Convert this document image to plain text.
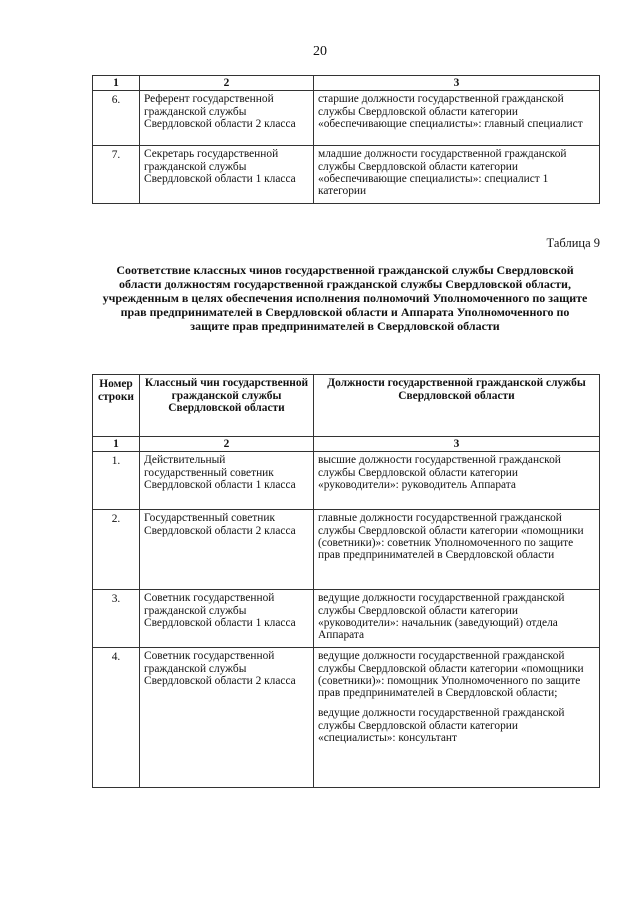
20
1	2	3
6.	Референт государственной гражданской службы Свердловской области 2 класса	старшие должности государственной гражданской службы Свердловской области категории «обеспечивающие специалисты»: главный специалист
7.	Секретарь государственной гражданской службы Свердловской области 1 класса	младшие должности государственной гражданской службы Свердловской области категории «обеспечивающие специалисты»: специалист 1 категории
Таблица 9
Соответствие классных чинов государственной гражданской службы Свердловской области должностям государственной гражданской службы Свердловской области, учрежденным в целях обеспечения исполнения полномочий Уполномоченного по защите прав предпринимателей в Свердловской области и Аппарата Уполномоченного по защите прав предпринимателей в Свердловской области
Номер строки	Классный чин государственной гражданской службы Свердловской области	Должности государственной гражданской службы Свердловской области
1	2	3
1.	Действительный государственный советник Свердловской области 1 класса	высшие должности государственной гражданской службы Свердловской области категории «руководители»: руководитель Аппарата
2.	Государственный советник Свердловской области 2 класса	главные должности государственной гражданской службы Свердловской области категории «помощники (советники)»: советник Уполномоченного по защите прав предпринимателей в Свердловской области
3.	Советник государственной гражданской службы Свердловской области 1 класса	ведущие должности государственной гражданской службы Свердловской области категории «руководители»: начальник (заведующий) отдела Аппарата
4.	Советник государственной гражданской службы Свердловской области 2 класса	ведущие должности государственной гражданской службы Свердловской области категории «помощники (советники)»: помощник Уполномоченного по защите прав предпринимателей в Свердловской области;
ведущие должности государственной гражданской службы Свердловской области категории «специалисты»: консультант
